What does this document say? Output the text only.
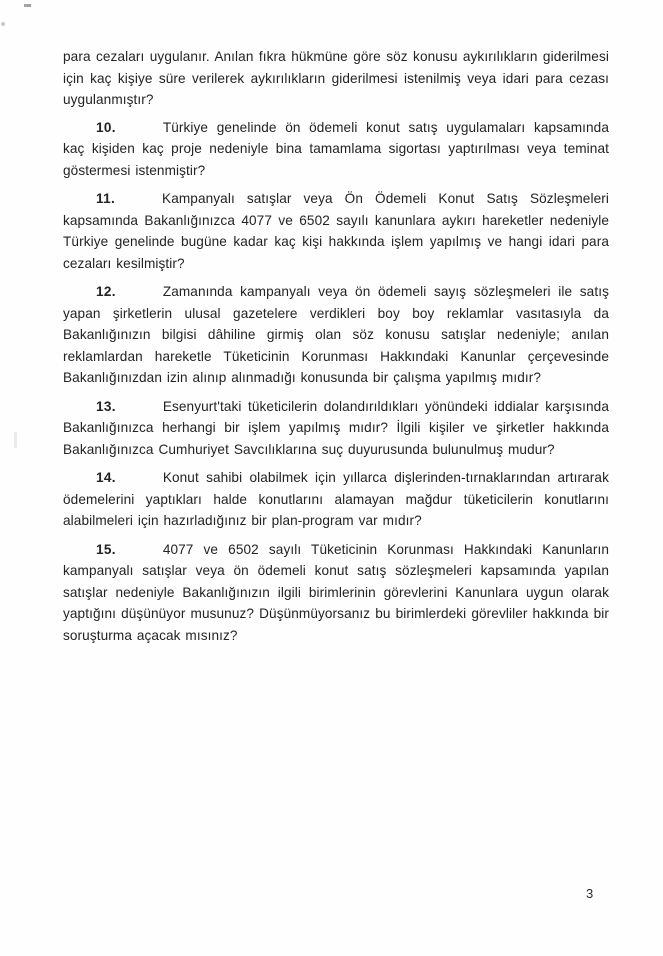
para cezaları uygulanır. Anılan fıkra hükmüne göre söz konusu aykırılıkların giderilmesi için kaç kişiye süre verilerek aykırılıkların giderilmesi istenilmiş veya idari para cezası uygulanmıştır?

10.	Türkiye genelinde ön ödemeli konut satış uygulamaları kapsamında kaç kişiden kaç proje nedeniyle bina tamamlama sigortası yaptırılması veya teminat göstermesi istenmiştir?

11.	Kampanyalı satışlar veya Ön Ödemeli Konut Satış Sözleşmeleri kapsamında Bakanlığınızca 4077 ve 6502 sayılı kanunlara aykırı hareketler nedeniyle Türkiye genelinde bugüne kadar kaç kişi hakkında işlem yapılmış ve hangi idari para cezaları kesilmiştir?

12.	Zamanında kampanyalı veya ön ödemeli sayış sözleşmeleri ile satış yapan şirketlerin ulusal gazetelere verdikleri boy boy reklamlar vasıtasıyla da Bakanlığınızın bilgisi dâhiline girmiş olan söz konusu satışlar nedeniyle; anılan reklamlardan hareketle Tüketicinin Korunması Hakkındaki Kanunlar çerçevesinde Bakanlığınızdan izin alınıp alınmadığı konusunda bir çalışma yapılmış mıdır?

13.	Esenyurt'taki tüketicilerin dolandırıldıkları yönündeki iddialar karşısında Bakanlığınızca herhangi bir işlem yapılmış mıdır? İlgili kişiler ve şirketler hakkında Bakanlığınızca Cumhuriyet Savcılıklarına suç duyurusunda bulunulmuş mudur?

14.	Konut sahibi olabilmek için yıllarca dişlerinden-tırnaklarından artırarak ödemelerini yaptıkları halde konutlarını alamayan mağdur tüketicilerin konutlarını alabilmeleri için hazırladığınız bir plan-program var mıdır?

15.	4077 ve 6502 sayılı Tüketicinin Korunması Hakkındaki Kanunların kampanyalı satışlar veya ön ödemeli konut satış sözleşmeleri kapsamında yapılan satışlar nedeniyle Bakanlığınızın ilgili birimlerinin görevlerini Kanunlara uygun olarak yaptığını düşünüyor musunuz? Düşünmüyorsanız bu birimlerdeki görevliler hakkında bir soruşturma açacak mısınız?

3
